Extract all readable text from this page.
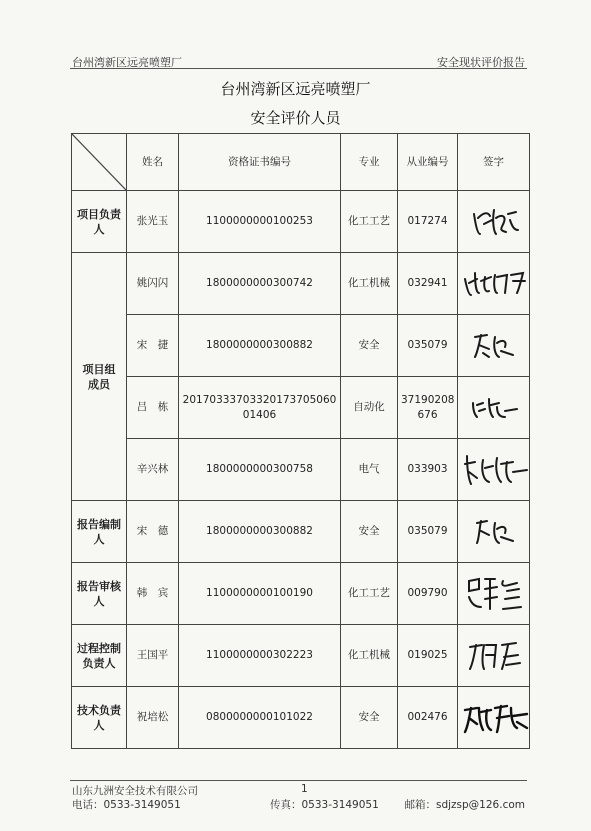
台州湾新区远亮喷塑厂	安全现状评价报告
台州湾新区远亮喷塑厂
安全评价人员
	姓名	资格证书编号	专业	从业编号	签字
项目负责人	张光玉	1100000000100253	化工工艺	017274	

项目组成员	姚闪闪	1800000000300742	化工机械	032941	

	宋　捷	1800000000300882	安全	035079	

	吕　栋	20170333703320173705060 01406	自动化	37190208 676	

	辛兴林	1800000000300758	电气	033903	

报告编制人	宋　德	1800000000300882	安全	035079	

报告审核人	韩　宾	1100000000100190	化工工艺	009790	

过程控制负责人	王国平	1100000000302223	化工机械	019025	

技术负责人	祝培松	0800000000101022	安全	002476	
山东九洲安全技术有限公司	1
电话：0533-3149051	传真：0533-3149051 邮箱：sdjzsp@126.com
